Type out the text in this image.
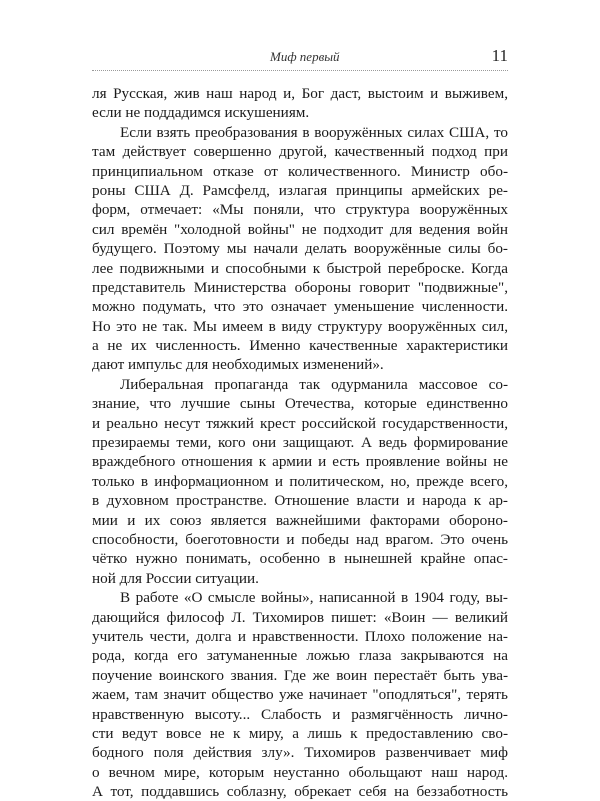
Миф первый	11
ля Русская, жив наш народ и, Бог даст, выстоим и выживем,
если не поддадимся искушениям.
Если взять преобразования в вооружённых силах США, то
там действует совершенно другой, качественный подход при
принципиальном отказе от количественного. Министр обо-
роны США Д. Рамсфелд, излагая принципы армейских ре-
форм, отмечает: «Мы поняли, что структура вооружённых
сил времён "холодной войны" не подходит для ведения войн
будущего. Поэтому мы начали делать вооружённые силы бо-
лее подвижными и способными к быстрой переброске. Когда
представитель Министерства обороны говорит "подвижные",
можно подумать, что это означает уменьшение численности.
Но это не так. Мы имеем в виду структуру вооружённых сил,
а не их численность. Именно качественные характеристики
дают импульс для необходимых изменений».
Либеральная пропаганда так одурманила массовое со-
знание, что лучшие сыны Отечества, которые единственно
и реально несут тяжкий крест российской государственности,
презираемы теми, кого они защищают. А ведь формирование
враждебного отношения к армии и есть проявление войны не
только в информационном и политическом, но, прежде всего,
в духовном пространстве. Отношение власти и народа к ар-
мии и их союз является важнейшими факторами обороно-
способности, боеготовности и победы над врагом. Это очень
чётко нужно понимать, особенно в нынешней крайне опас-
ной для России ситуации.
В работе «О смысле войны», написанной в 1904 году, вы-
дающийся философ Л. Тихомиров пишет: «Воин — великий
учитель чести, долга и нравственности. Плохо положение на-
рода, когда его затуманенные ложью глаза закрываются на
поучение воинского звания. Где же воин перестаёт быть ува-
жаем, там значит общество уже начинает "оподляться", терять
нравственную высоту... Слабость и размягчённость лично-
сти ведут вовсе не к миру, а лишь к предоставлению сво-
бодного поля действия злу». Тихомиров развенчивает миф
о вечном мире, которым неустанно обольщают наш народ.
А тот, поддавшись соблазну, обрекает себя на беззаботность
